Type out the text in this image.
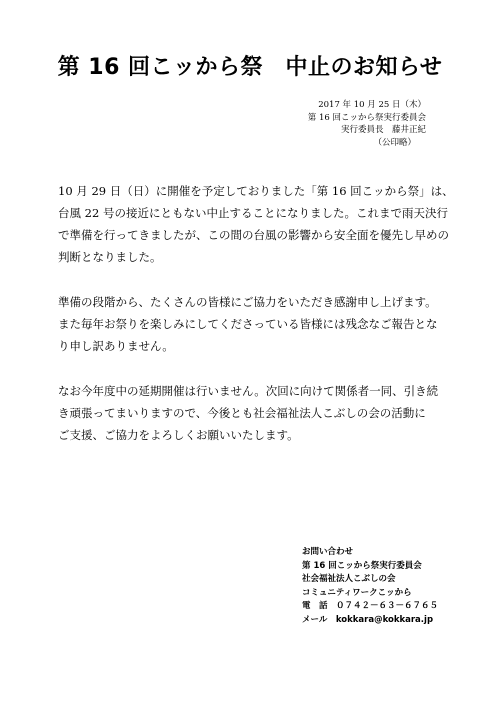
第 16 回こッから祭　中止のお知らせ
2017 年 10 月 25 日（木）
第 16 回こッから祭実行委員会
実行委員長　藤井正紀
（公印略）
10 月 29 日（日）に開催を予定しておりました「第 16 回こッから祭」は、
台風 22 号の接近にともない中止することになりました。これまで雨天決行
で準備を行ってきましたが、この間の台風の影響から安全面を優先し早めの
判断となりました。
準備の段階から、たくさんの皆様にご協力をいただき感謝申し上げます。
また毎年お祭りを楽しみにしてくださっている皆様には残念なご報告とな
り申し訳ありません。
なお今年度中の延期開催は行いません。次回に向けて関係者一同、引き続
き頑張ってまいりますので、今後とも社会福祉法人こぶしの会の活動に
ご支援、ご協力をよろしくお願いいたします。
お問い合わせ
第 16 回こッから祭実行委員会
社会福祉法人こぶしの会
コミュニティワークこッから
電　話　０７４２－６３－６７６５
メール　kokkara@kokkara.jp
